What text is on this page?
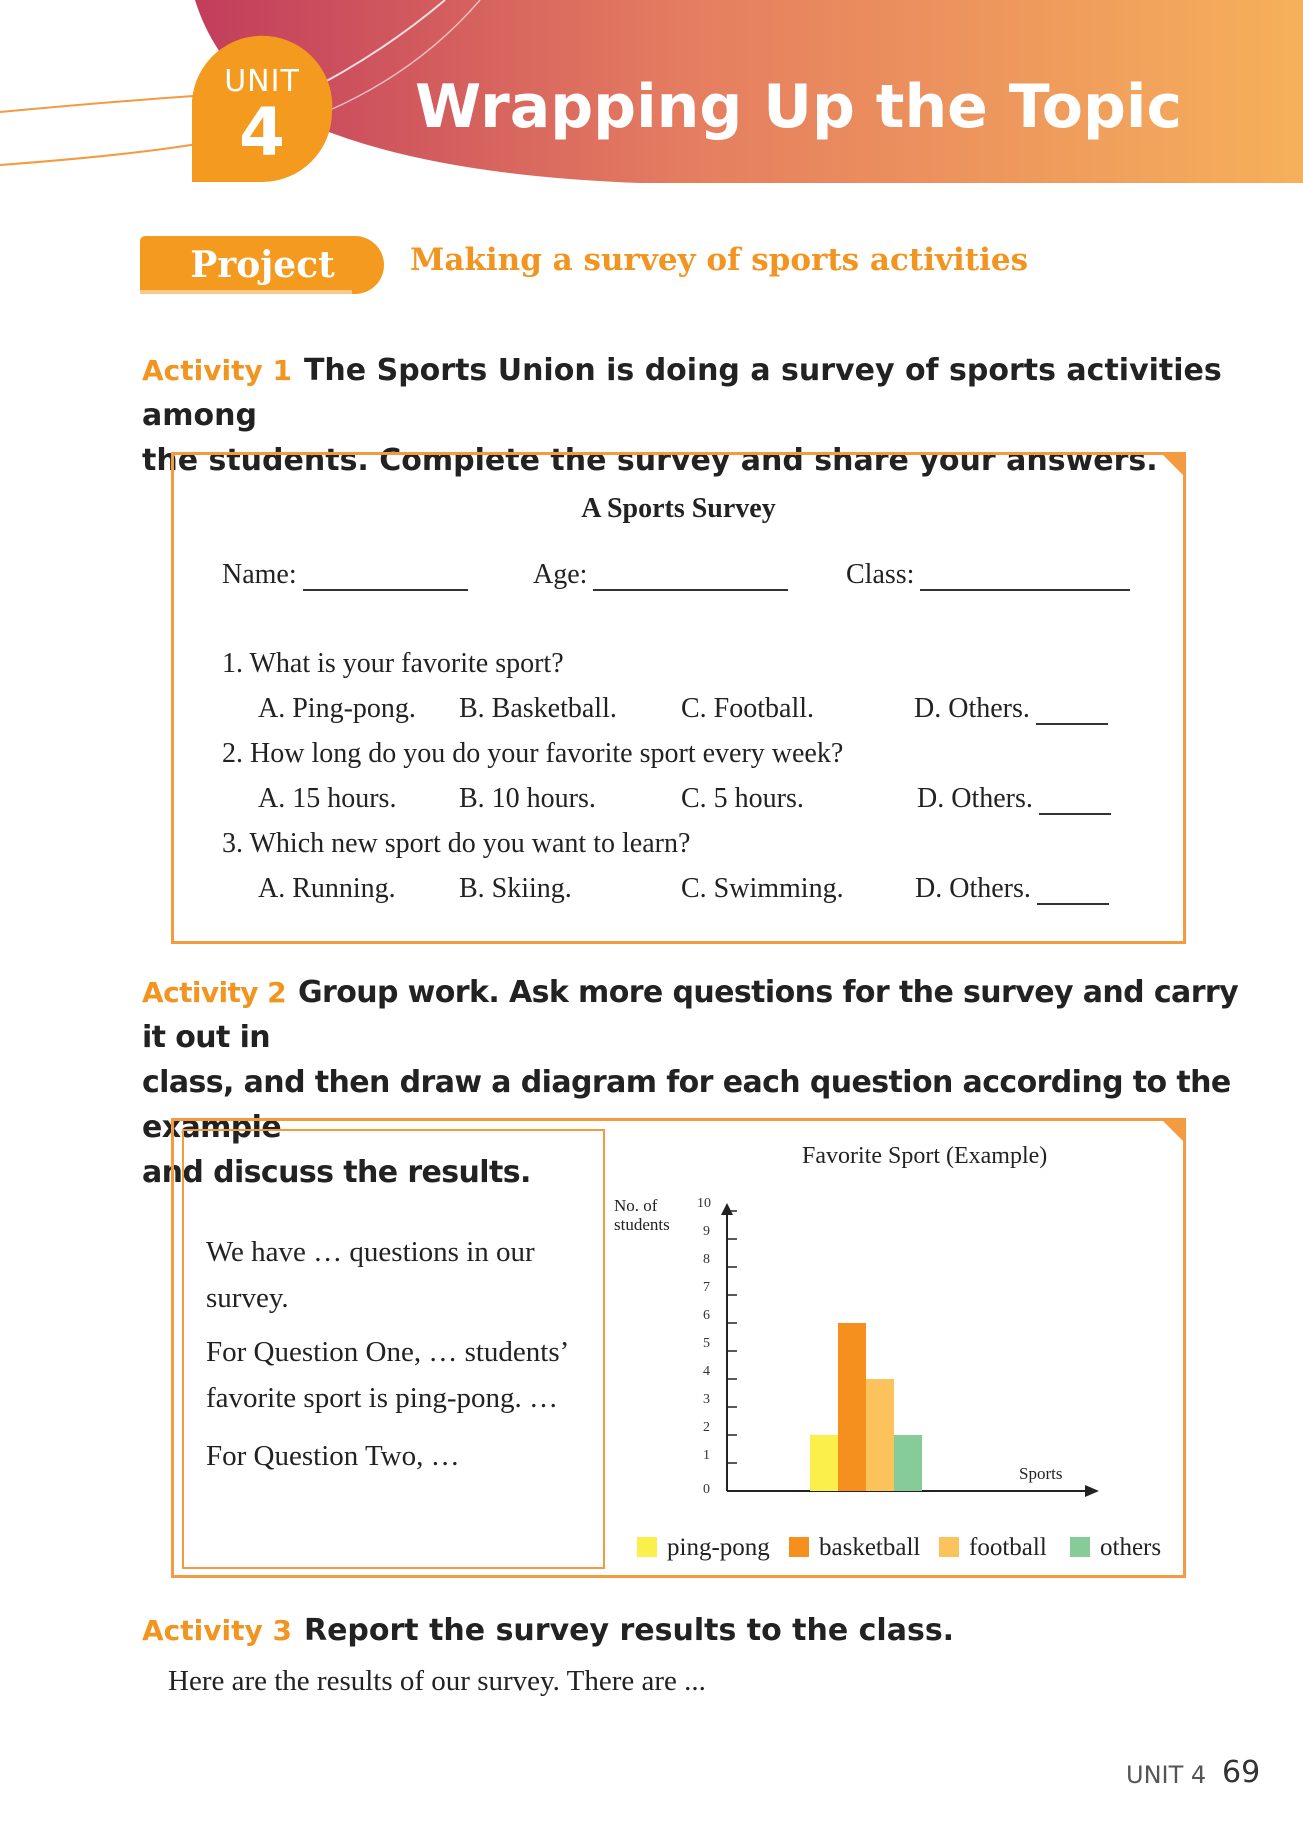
UNIT
4	Wrapping Up the Topic
Project	Making a survey of sports activities
Activity 1 The Sports Union is doing a survey of sports activities among
the students. Complete the survey and share your answers.
A Sports Survey
Name:	Age:	Class:
1. What is your favorite sport?
A. Ping-pong. B. Basketball. C. Football.	D. Others.
2. How long do you do your favorite sport every week?
A. 15 hours. B. 10 hours.	C. 5 hours.	D. Others.
3. Which new sport do you want to learn?
A. Running. B. Skiing.	C. Swimming.	D. Others.
Activity 2 Group work. Ask more questions for the survey and carry it out in
class, and then draw a diagram for each question according to the example
and discuss the results.
We have … questions in our
survey.
For Question One, … students’
favorite sport is ping-pong. …
For Question Two, …
Favorite Sport (Example)
0
1
2
3
4
5
6
7
8
9
10
No. of
students
Sports
ping-pong	basketball	football	others
Activity 3 Report the survey results to the class.
Here are the results of our survey. There are ...
UNIT 4 69
